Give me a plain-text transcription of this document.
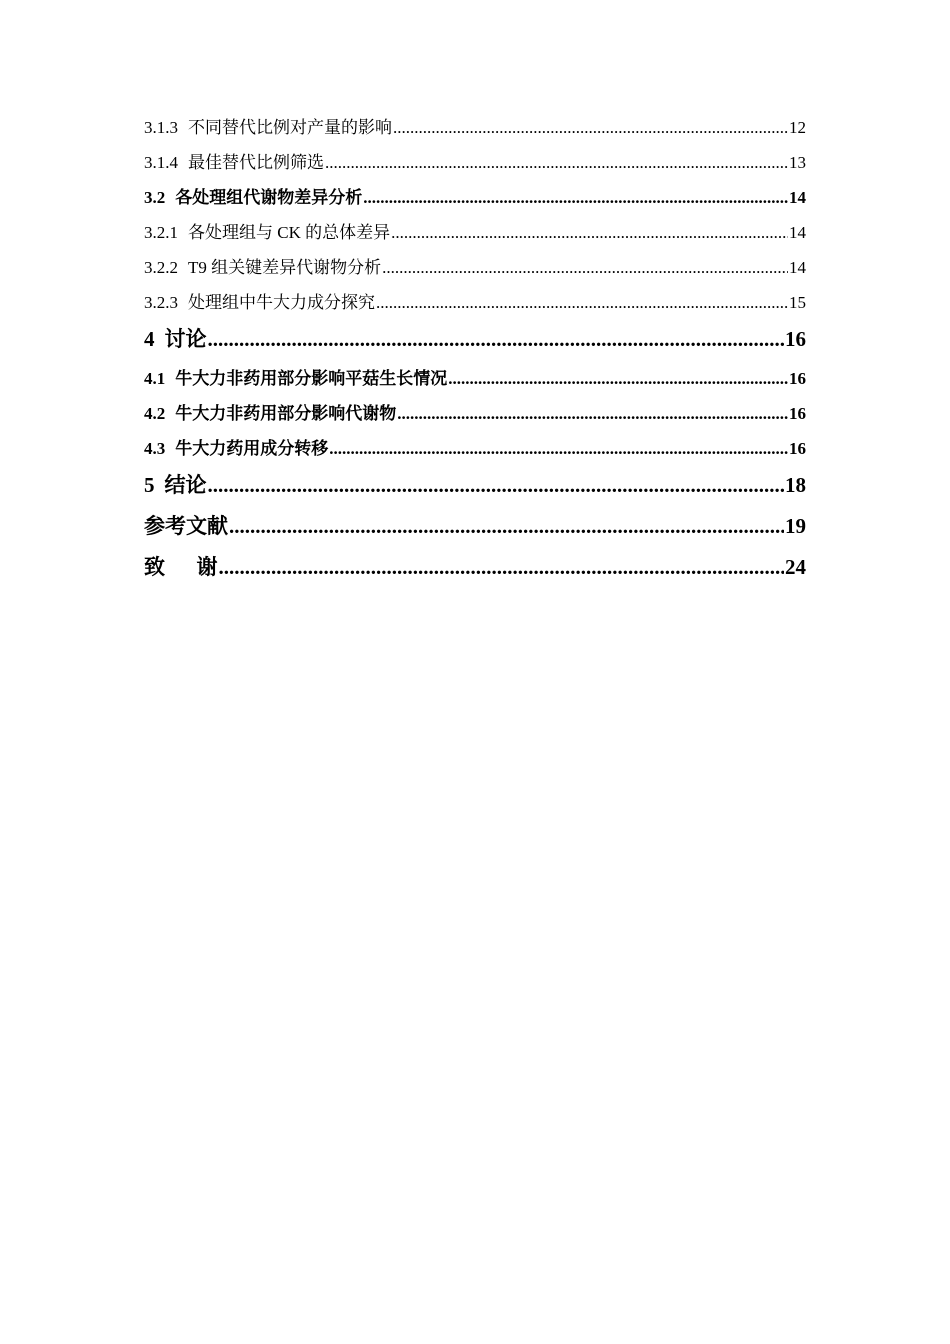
3.1.3 不同替代比例对产量的影响 .....	12
3.1.4 最佳替代比例筛选 .....	13
3.2 各处理组代谢物差异分析 .....	14
3.2.1 各处理组与 CK 的总体差异 .....	14
3.2.2 T9 组关键差异代谢物分析 .....	14
3.2.3 处理组中牛大力成分探究 .....	15
4 讨论 .....	16
4.1 牛大力非药用部分影响平菇生长情况 .....	16
4.2 牛大力非药用部分影响代谢物 .....	16
4.3 牛大力药用成分转移 .....	16
5 结论 .....	18
参考文献 .....	19
致      谢 .....	24
